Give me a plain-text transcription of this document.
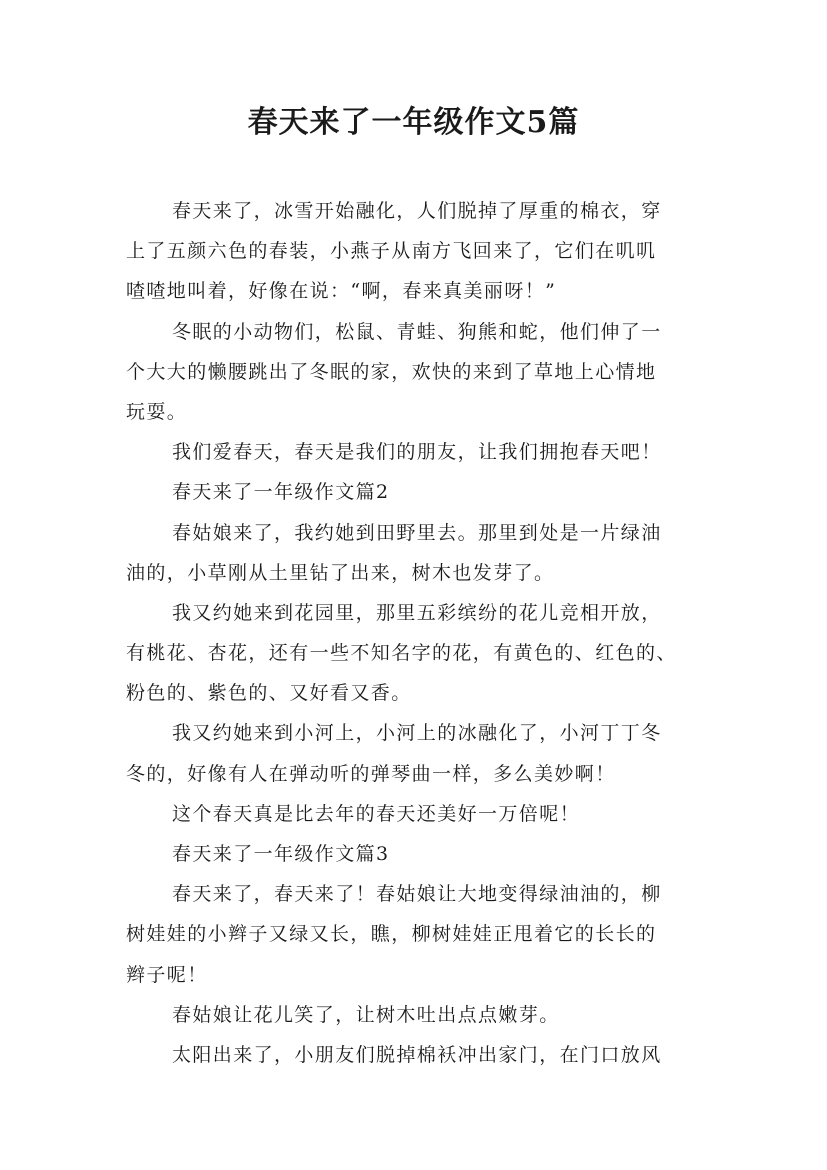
春天来了一年级作文5篇
春天来了，冰雪开始融化，人们脱掉了厚重的棉衣，穿
上了五颜六色的春装，小燕子从南方飞回来了，它们在叽叽
喳喳地叫着，好像在说：“啊，春来真美丽呀！”
冬眠的小动物们，松鼠、青蛙、狗熊和蛇，他们伸了一
个大大的懒腰跳出了冬眠的家，欢快的来到了草地上心情地
玩耍。
我们爱春天，春天是我们的朋友，让我们拥抱春天吧！
春天来了一年级作文篇2
春姑娘来了，我约她到田野里去。那里到处是一片绿油
油的，小草刚从土里钻了出来，树木也发芽了。
我又约她来到花园里，那里五彩缤纷的花儿竞相开放，
有桃花、杏花，还有一些不知名字的花，有黄色的、红色的、
粉色的、紫色的、又好看又香。
我又约她来到小河上，小河上的冰融化了，小河丁丁冬
冬的，好像有人在弹动听的弹琴曲一样，多么美妙啊！
这个春天真是比去年的春天还美好一万倍呢！
春天来了一年级作文篇3
春天来了，春天来了！春姑娘让大地变得绿油油的，柳
树娃娃的小辫子又绿又长，瞧，柳树娃娃正甩着它的长长的
辫子呢！
春姑娘让花儿笑了，让树木吐出点点嫩芽。
太阳出来了，小朋友们脱掉棉袄冲出家门，在门口放风
